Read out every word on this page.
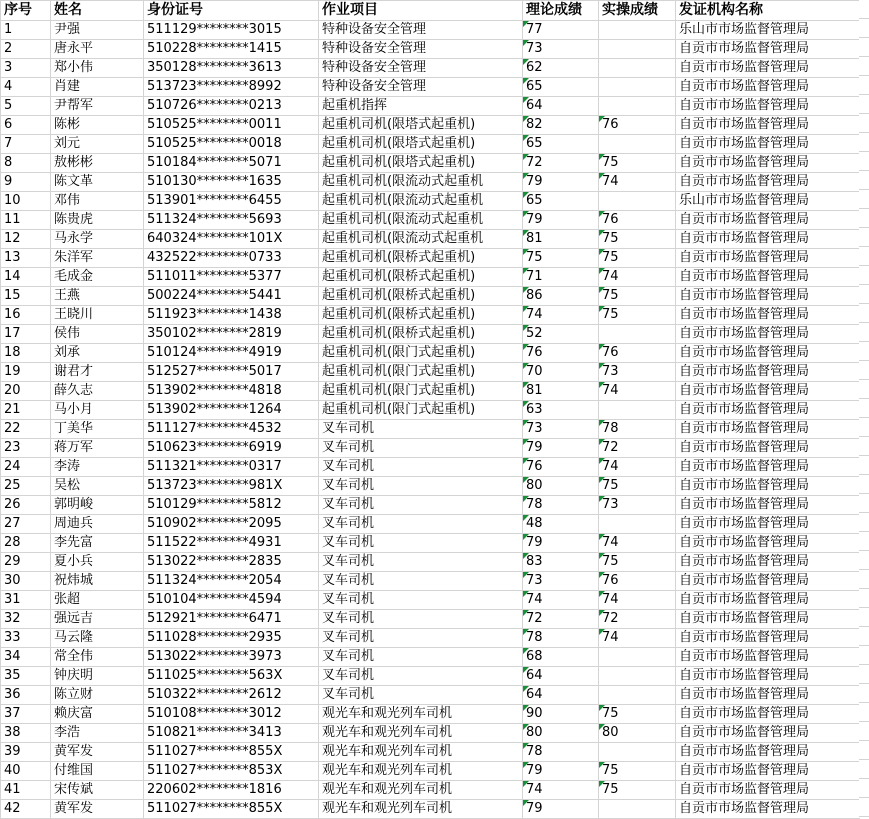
序号	姓名	身份证号	作业项目	理论成绩	实操成绩	发证机构名称
1	尹强	511129********3015	特种设备安全管理	77		乐山市市场监督管理局
2	唐永平	510228********1415	特种设备安全管理	73		自贡市市场监督管理局
3	郑小伟	350128********3613	特种设备安全管理	62		自贡市市场监督管理局
4	肖建	513723********8992	特种设备安全管理	65		自贡市市场监督管理局
5	尹帮军	510726********0213	起重机指挥	64		自贡市市场监督管理局
6	陈彬	510525********0011	起重机司机(限塔式起重机)	82	76	自贡市市场监督管理局
7	刘元	510525********0018	起重机司机(限塔式起重机)	65		自贡市市场监督管理局
8	敖彬彬	510184********5071	起重机司机(限塔式起重机)	72	75	自贡市市场监督管理局
9	陈文革	510130********1635	起重机司机(限流动式起重机	79	74	自贡市市场监督管理局
10	邓伟	513901********6455	起重机司机(限流动式起重机	65		乐山市市场监督管理局
11	陈贵虎	511324********5693	起重机司机(限流动式起重机	79	76	自贡市市场监督管理局
12	马永学	640324********101X	起重机司机(限流动式起重机	81	75	自贡市市场监督管理局
13	朱洋军	432522********0733	起重机司机(限桥式起重机)	75	75	自贡市市场监督管理局
14	毛成金	511011********5377	起重机司机(限桥式起重机)	71	74	自贡市市场监督管理局
15	王燕	500224********5441	起重机司机(限桥式起重机)	86	75	自贡市市场监督管理局
16	王晓川	511923********1438	起重机司机(限桥式起重机)	74	75	自贡市市场监督管理局
17	侯伟	350102********2819	起重机司机(限桥式起重机)	52		自贡市市场监督管理局
18	刘承	510124********4919	起重机司机(限门式起重机)	76	76	自贡市市场监督管理局
19	谢君才	512527********5017	起重机司机(限门式起重机)	70	73	自贡市市场监督管理局
20	薛久志	513902********4818	起重机司机(限门式起重机)	81	74	自贡市市场监督管理局
21	马小月	513902********1264	起重机司机(限门式起重机)	63		自贡市市场监督管理局
22	丁美华	511127********4532	叉车司机	73	78	自贡市市场监督管理局
23	蒋万军	510623********6919	叉车司机	79	72	自贡市市场监督管理局
24	李涛	511321********0317	叉车司机	76	74	自贡市市场监督管理局
25	吴松	513723********981X	叉车司机	80	75	自贡市市场监督管理局
26	郭明峻	510129********5812	叉车司机	78	73	自贡市市场监督管理局
27	周迪兵	510902********2095	叉车司机	48		自贡市市场监督管理局
28	李先富	511522********4931	叉车司机	79	74	自贡市市场监督管理局
29	夏小兵	513022********2835	叉车司机	83	75	自贡市市场监督管理局
30	祝炜城	511324********2054	叉车司机	73	76	自贡市市场监督管理局
31	张超	510104********4594	叉车司机	74	74	自贡市市场监督管理局
32	强远吉	512921********6471	叉车司机	72	72	自贡市市场监督管理局
33	马云隆	511028********2935	叉车司机	78	74	自贡市市场监督管理局
34	常全伟	513022********3973	叉车司机	68		自贡市市场监督管理局
35	钟庆明	511025********563X	叉车司机	64		自贡市市场监督管理局
36	陈立财	510322********2612	叉车司机	64		自贡市市场监督管理局
37	赖庆富	510108********3012	观光车和观光列车司机	90	75	自贡市市场监督管理局
38	李浩	510821********3413	观光车和观光列车司机	80	80	自贡市市场监督管理局
39	黄军发	511027********855X	观光车和观光列车司机	78		自贡市市场监督管理局
40	付维国	511027********853X	观光车和观光列车司机	79	75	自贡市市场监督管理局
41	宋传斌	220602********1816	观光车和观光列车司机	74	75	自贡市市场监督管理局
42	黄军发	511027********855X	观光车和观光列车司机	79		自贡市市场监督管理局
